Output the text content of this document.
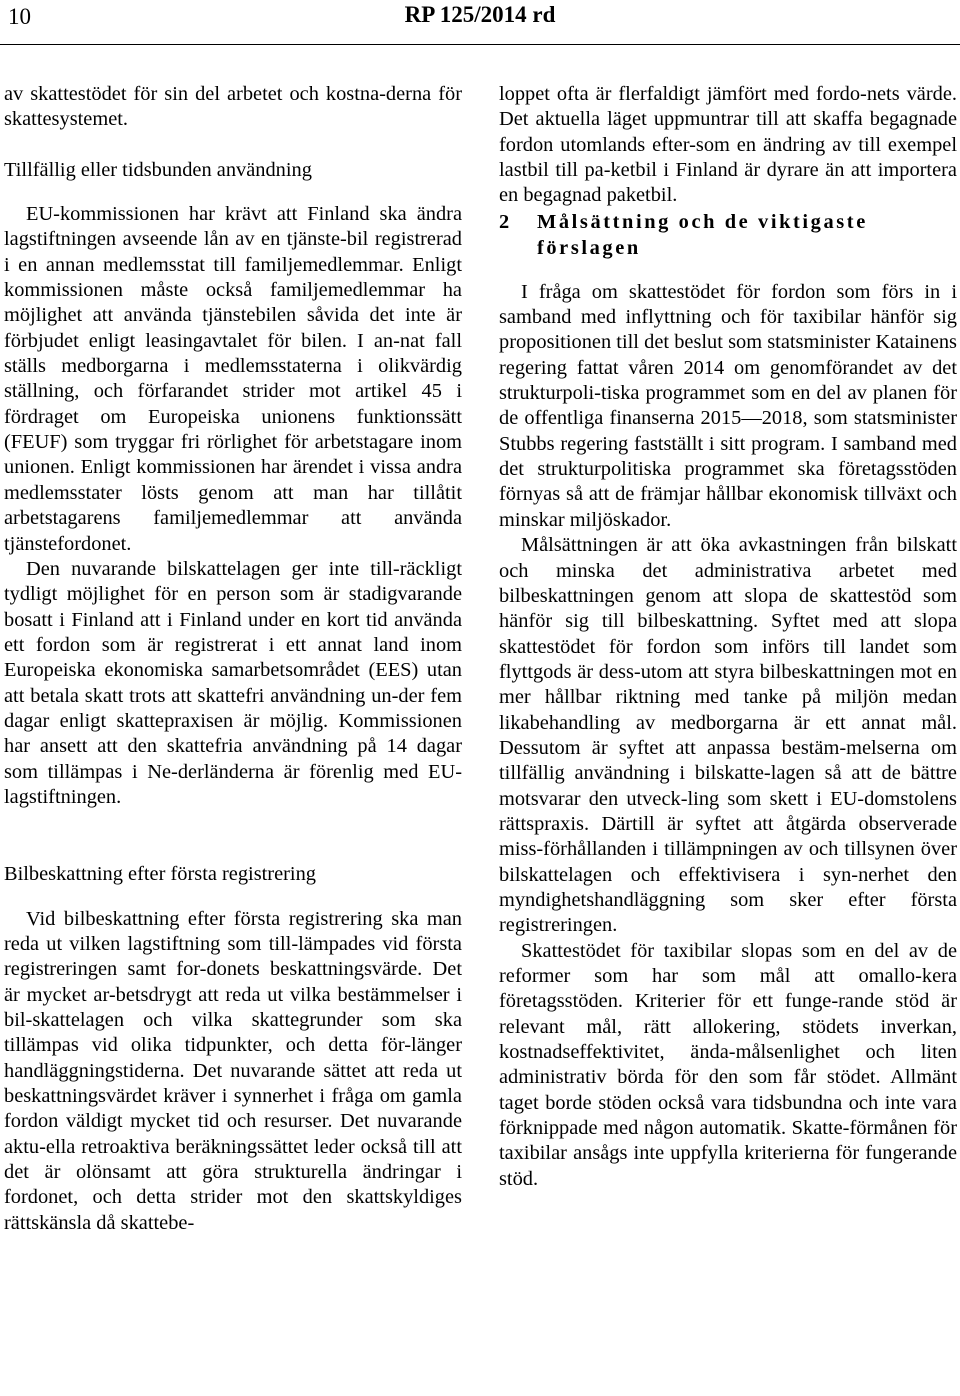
10	RP 125/2014 rd

av skattestödet för sin del arbetet och kostna-derna för skattesystemet.

Tillfällig eller tidsbunden användning

EU-kommissionen har krävt att Finland ska ändra lagstiftningen avseende lån av en tjänste-bil registrerad i en annan medlemsstat till familjemedlemmar. Enligt kommissionen måste också familjemedlemmar ha möjlighet att använda tjänstebilen såvida det inte är förbjudet enligt leasingavtalet för bilen. I an-nat fall ställs medborgarna i medlemsstaterna i olikvärdig ställning, och förfarandet strider mot artikel 45 i fördraget om Europeiska unionens funktionssätt (FEUF) som tryggar fri rörlighet för arbetstagare inom unionen. Enligt kommissionen har ärendet i vissa andra medlemsstater lösts genom att man har tillåtit arbetstagarens familjemedlemmar att använda tjänstefordonet.

Den nuvarande bilskattelagen ger inte till-räckligt tydligt möjlighet för en person som är stadigvarande bosatt i Finland att i Finland under en kort tid använda ett fordon som är registrerat i ett annat land inom Europeiska ekonomiska samarbetsområdet (EES) utan att betala skatt trots att skattefri användning un-der fem dagar enligt skattepraxisen är möjlig. Kommissionen har ansett att den skattefria användning på 14 dagar som tillämpas i Ne-derländerna är förenlig med EU-lagstiftningen.

Bilbeskattning efter första registrering

Vid bilbeskattning efter första registrering ska man reda ut vilken lagstiftning som till-lämpades vid första registreringen samt for-donets beskattningsvärde. Det är mycket ar-betsdrygt att reda ut vilka bestämmelser i bil-skattelagen och vilka skattegrunder som ska tillämpas vid olika tidpunkter, och detta för-länger handläggningstiderna. Det nuvarande sättet att reda ut beskattningsvärdet kräver i synnerhet i fråga om gamla fordon väldigt mycket tid och resurser. Det nuvarande aktu-ella retroaktiva beräkningssättet leder också till att det är olönsamt att göra strukturella ändringar i fordonet, och detta strider mot den skattskyldiges rättskänsla då skattebe-

loppet ofta är flerfaldigt jämfört med fordo-nets värde. Det aktuella läget uppmuntrar till att skaffa begagnade fordon utomlands efter-som en ändring av till exempel lastbil till pa-ketbil i Finland är dyrare än att importera en begagnad paketbil.

2	Målsättning och de viktigaste förslagen

I fråga om skattestödet för fordon som förs in i samband med inflyttning och för taxibilar hänför sig propositionen till det beslut som statsminister Katainens regering fattat våren 2014 om genomförandet av det strukturpoli-tiska programmet som en del av planen för de offentliga finanserna 2015—2018, som statsminister Stubbs regering fastställt i sitt program. I samband med det strukturpolitiska programmet ska företagsstöden förnyas så att de främjar hållbar ekonomisk tillväxt och minskar miljöskador.

Målsättningen är att öka avkastningen från bilskatt och minska det administrativa arbetet med bilbeskattningen genom att slopa de skattestöd som hänför sig till bilbeskattning. Syftet med att slopa skattestödet för fordon som införs till landet som flyttgods är dess-utom att styra bilbeskattningen mot en mer hållbar riktning med tanke på miljön medan likabehandling av medborgarna är ett annat mål. Dessutom är syftet att anpassa bestäm-melserna om tillfällig användning i bilskatte-lagen så att de bättre motsvarar den utveck-ling som skett i EU-domstolens rättspraxis. Därtill är syftet att åtgärda observerade miss-förhållanden i tillämpningen av och tillsynen över bilskattelagen och effektivisera i syn-nerhet den myndighetshandläggning som sker efter första registreringen.

Skattestödet för taxibilar slopas som en del av de reformer som har som mål att omallo-kera företagsstöden. Kriterier för ett funge-rande stöd är relevant mål, rätt allokering, stödets inverkan, kostnadseffektivitet, ända-målsenlighet och liten administrativ börda för den som får stödet. Allmänt taget borde stöden också vara tidsbundna och inte vara förknippade med någon automatik. Skatte-förmånen för taxibilar ansågs inte uppfylla kriterierna för fungerande stöd.
